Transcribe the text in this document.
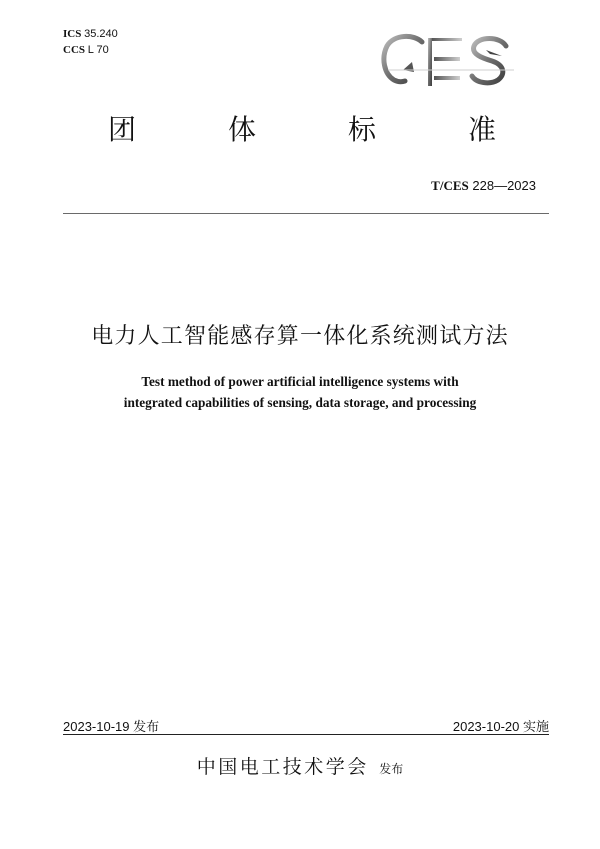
ICS 35.240
CCS L 70
团	体	标	准
T/CES 228—2023
电力人工智能感存算一体化系统测试方法
Test method of power artificial intelligence systems with
integrated capabilities of sensing, data storage, and processing
2023-10-19 发布	2023-10-20 实施
中国电工技术学会 发布
